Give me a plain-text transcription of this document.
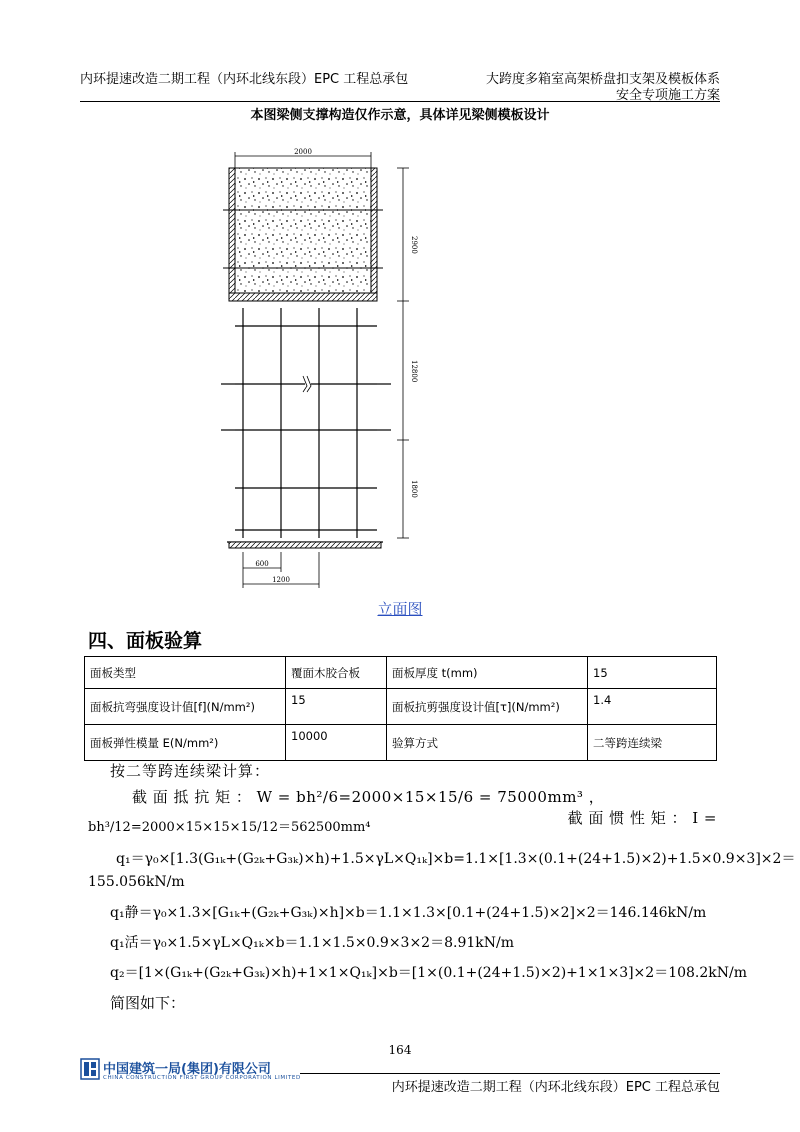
内环提速改造二期工程（内环北线东段）EPC 工程总承包	大跨度多箱室高架桥盘扣支架及模板体系
安全专项施工方案
本图梁侧支撑构造仅作示意，具体详见梁侧模板设计
2000
2900
12800
1800
600
1200
立面图
四、面板验算
面板类型	覆面木胶合板	面板厚度 t(mm)	15
面板抗弯强度设计值[f](N/mm²)	15	面板抗剪强度设计值[τ](N/mm²)	1.4
面板弹性模量 E(N/mm²)	10000	验算方式	二等跨连续梁
按二等跨连续梁计算：
截 面 抵 抗 矩 ： W = bh²/6=2000×15×15/6 = 75000mm³ ，
截 面 惯 性 矩 ： I =
bh³/12=2000×15×15×15/12＝562500mm⁴
q₁＝γ₀×[1.3(G₁ₖ+(G₂ₖ+G₃ₖ)×h)+1.5×γL×Q₁ₖ]×b=1.1×[1.3×(0.1+(24+1.5)×2)+1.5×0.9×3]×2＝
155.056kN/m
q₁静＝γ₀×1.3×[G₁ₖ+(G₂ₖ+G₃ₖ)×h]×b＝1.1×1.3×[0.1+(24+1.5)×2]×2＝146.146kN/m
q₁活＝γ₀×1.5×γL×Q₁ₖ×b＝1.1×1.5×0.9×3×2＝8.91kN/m
q₂＝[1×(G₁ₖ+(G₂ₖ+G₃ₖ)×h)+1×1×Q₁ₖ]×b＝[1×(0.1+(24+1.5)×2)+1×1×3]×2＝108.2kN/m
简图如下：
164
中国建筑一局(集团)有限公司
CHINA CONSTRUCTION FIRST GROUP CORPORATION LIMITED
内环提速改造二期工程（内环北线东段）EPC 工程总承包
